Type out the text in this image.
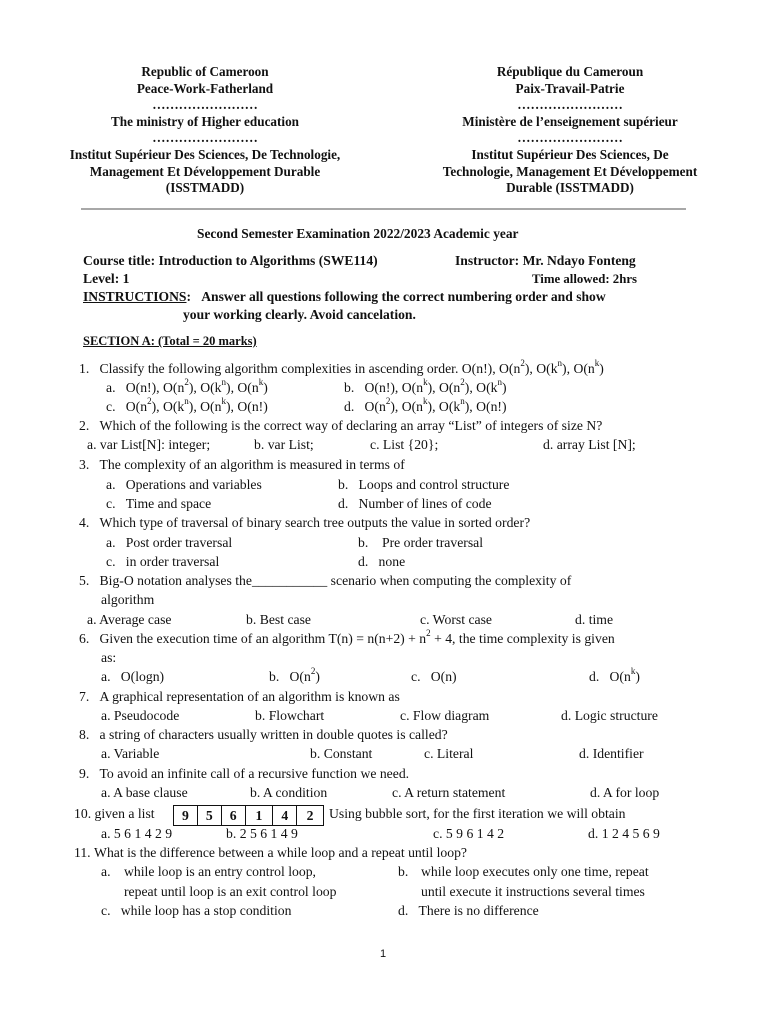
Republic of Cameroon
Peace-Work-Fatherland
……………………
The ministry of Higher education
……………………
Institut Supérieur Des Sciences, De Technologie,
Management Et Développement Durable
(ISSTMADD)
République du Cameroun
Paix-Travail-Patrie
……………………
Ministère de l’enseignement supérieur
……………………
Institut Supérieur Des Sciences, De
Technologie, Management Et Développement
Durable (ISSTMADD)
Second Semester Examination 2022/2023 Academic year
Course title: Introduction to Algorithms (SWE114)	Instructor: Mr. Ndayo Fonteng
Level: 1	Time allowed: 2hrs
INSTRUCTIONS: Answer all questions following the correct numbering order and show
your working clearly. Avoid cancelation.
SECTION A: (Total = 20 marks)
1. Classify the following algorithm complexities in ascending order. O(n!), $O(n^2)$, $O(k^n)$, $O(n^k)$
a. O(n!), $O(n^2)$, $O(k^n)$, $O(n^k)$	b. O(n!), $O(n^k)$, $O(n^2)$, $O(k^n)$
c. $O(n^2)$, $O(k^n)$, $O(n^k)$, O(n!)	d. $O(n^2)$, $O(n^k)$, $O(k^n)$, O(n!)
2. Which of the following is the correct way of declaring an array “List” of integers of size N?
a. var List[N]: integer;	b. var List;	c. List {20};	d. array List [N];
3. The complexity of an algorithm is measured in terms of
a. Operations and variables	b. Loops and control structure
c. Time and space	d. Number of lines of code
4. Which type of traversal of binary search tree outputs the value in sorted order?
a. Post order traversal	b. Pre order traversal
c. in order traversal	d. none
5. Big-O notation analyses the___________ scenario when computing the complexity of
algorithm
a. Average case	b. Best case	c. Worst case	d. time
6. Given the execution time of an algorithm $T(n) = n(n+2) + n^2 + 4$, the time complexity is given
as:
a. O(logn)	b. $O(n^2)$	c. O(n)	d. $O(n^k)$
7. A graphical representation of an algorithm is known as
a. Pseudocode	b. Flowchart	c. Flow diagram	d. Logic structure
8. a string of characters usually written in double quotes is called?
a. Variable	b. Constant	c. Literal	d. Identifier
9. To avoid an infinite call of a recursive function we need.
a. A base clause	b. A condition	c. A return statement	d. A for loop
10. given a list	9	5	6	1	4	2	Using bubble sort, for the first iteration we will obtain
a. 5 6 1 4 2 9	b. 2 5 6 1 4 9	c. 5 9 6 1 4 2	d. 1 2 4 5 6 9
11. What is the difference between a while loop and a repeat until loop?
a. while loop is an entry control loop,
repeat until loop is an exit control loop
b. while loop executes only one time, repeat
until execute it instructions several times
c. while loop has a stop condition	d. There is no difference
1
